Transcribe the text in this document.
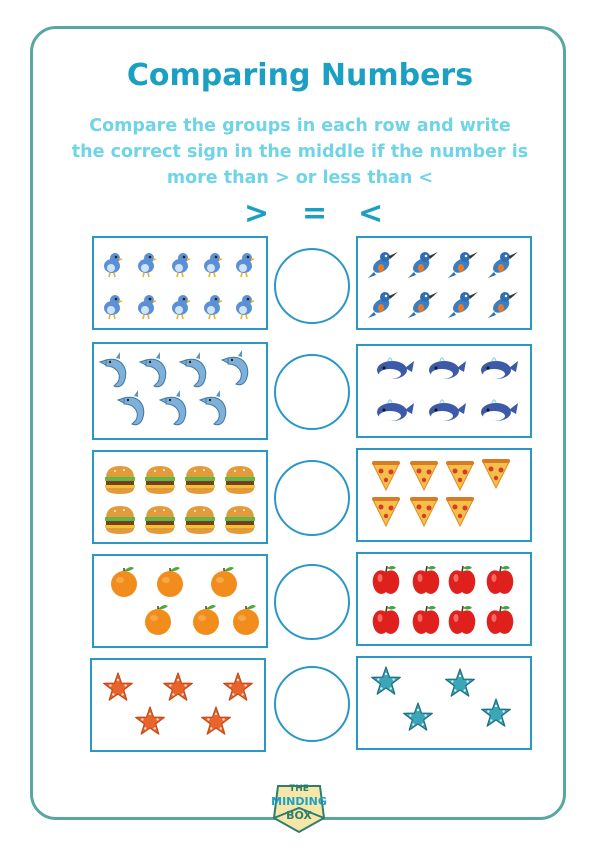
Comparing Numbers
Compare the groups in each row and write the correct sign in the middle if the number is more than > or less than <
> = <
THE
MINDING
BOX
